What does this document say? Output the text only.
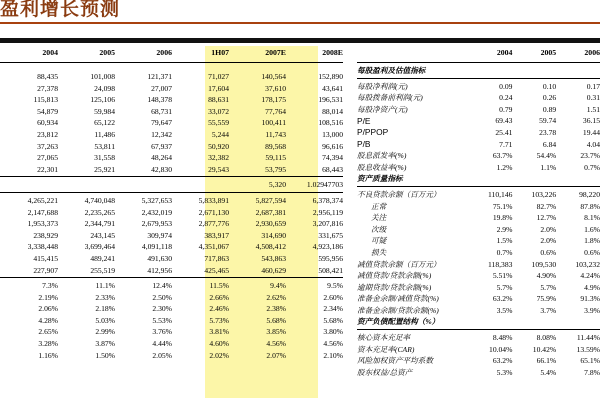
盈利增长预测
2004	2005	2006	1H07	2007E	2008E

88,435	101,008	121,371	71,027	140,564	152,890
27,378	24,098	27,007	17,604	37,610	43,641
115,813	125,106	148,378	88,631	178,175	196,531
54,879	59,984	68,731	33,072	77,764	88,014
60,934	65,122	79,647	55,559	100,411	108,516
23,812	11,486	12,342	5,244	11,743	13,000
37,263	53,811	67,937	50,920	89,568	96,616
27,065	31,558	48,264	32,382	59,115	74,394
22,301	25,921	42,830	29,543	53,795	68,443

				5,320	1.02947703

4,265,221	4,740,048	5,327,653	5,833,891	5,827,594	6,378,374
2,147,688	2,235,265	2,432,019	2,671,130	2,687,381	2,956,119
1,953,373	2,344,791	2,679,953	2,877,776	2,930,659	3,207,816
238,929	243,145	309,974	383,917	314,690	331,675
3,338,448	3,699,464	4,091,118	4,351,067	4,508,412	4,923,186
415,415	489,241	491,630	717,863	543,863	595,956
227,907	255,519	412,956	425,465	460,629	508,421

7.3%	11.1%	12.4%	11.5%	9.4%	9.5%
2.19%	2.33%	2.50%	2.66%	2.62%	2.60%
2.06%	2.18%	2.30%	2.46%	2.38%	2.34%
4.28%	5.03%	5.53%	5.73%	5.68%	5.68%
2.65%	2.99%	3.76%	3.81%	3.85%	3.80%
3.28%	3.87%	4.44%	4.60%	4.56%	4.56%
1.16%	1.50%	2.05%	2.02%	2.07%	2.10%
	2004	2005	2006

每股盈利及估值指标			

每股净利润(元)	0.09	0.10	0.17
每股拨备前利润(元)	0.24	0.26	0.31
每股净资产(元)	0.79	0.89	1.51
P/E	69.43	59.74	36.15
P/PPOP	25.41	23.78	19.44
P/B	7.71	6.84	4.04
股息派发率(%)	63.7%	54.4%	23.7%
股息收益率(%)	1.2%	1.1%	0.7%
资产质量指标			

不良贷款余额（百万元）	110,146	103,226	98,220
正常	75.1%	82.7%	87.8%
关注	19.8%	12.7%	8.1%
次级	2.9%	2.0%	1.6%
可疑	1.5%	2.0%	1.8%
损失	0.7%	0.6%	0.6%
减值贷款余额（百万元）	118,383	109,530	103,232
减值贷款/贷款余额(%)	5.51%	4.90%	4.24%
逾期贷款/贷款余额(%)	5.7%	5.7%	4.9%
准备金余额/减值贷款(%)	63.2%	75.9%	91.3%
准备金余额/贷款余额(%)	3.5%	3.7%	3.9%
资产负债配置结构（%）			

核心资本充足率	8.48%	8.08%	11.44%
资本充足率(CAR)	10.04%	10.42%	13.59%
风险加权资产平均系数	63.2%	66.1%	65.1%
股东权益/总资产	5.3%	5.4%	7.8%
